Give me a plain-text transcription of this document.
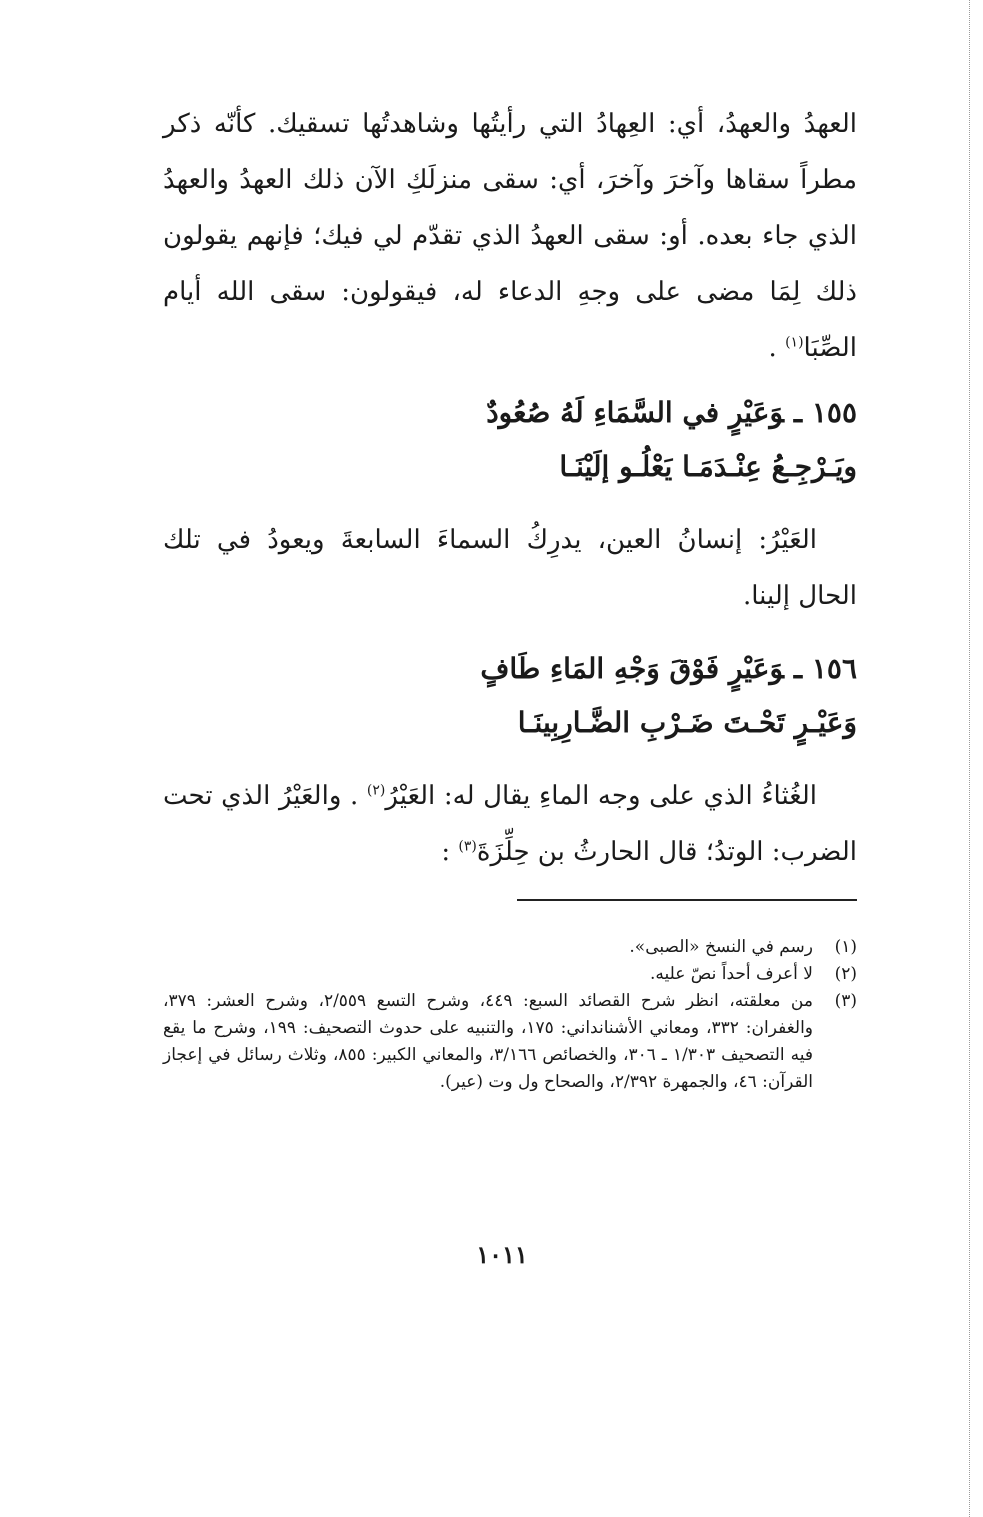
العهدُ والعهدُ، أي: العِهادُ التي رأيتُها وشاهدتُها تسقيك. كأنّه ذكر مطراً سقاها وآخرَ وآخرَ، أي: سقى منزلَكِ الآن ذلك العهدُ والعهدُ الذي جاء بعده. أو: سقى العهدُ الذي تقدّم لي فيك؛ فإنهم يقولون ذلك لِمَا مضى على وجهِ الدعاء له، فيقولون: سقى الله أيام الصِّبَا$^{(١)}$ .

١٥٥ ـوَعَيْرٍ في السَّمَاءِ لَهُ صُعُودٌ
ويَـرْجِـعُ عِنْـدَمَـا يَعْلُـو إلَيْنَـا

العَيْرُ: إنسانُ العين، يدرِكُ السماءَ السابعةَ ويعودُ في تلك الحال إلينا.

١٥٦ ـوَعَيْرٍ فَوْقَ وَجْهِ المَاءِ طَافٍ
وَعَيْـرٍ تَحْـتَ ضَـرْبِ الضَّـارِبِينَـا

الغُثاءُ الذي على وجه الماءِ يقال له: العَيْرُ$^{(٢)}$ . والعَيْرُ الذي تحت الضرب: الوتدُ؛ قال الحارثُ بن حِلِّزَةَ$^{(٣)}$ :

(١)
رسم في النسخ «الصبى».
(٢)
لا أعرف أحداً نصّ عليه.
(٣)
من معلقته، انظر شرح القصائد السبع: ٤٤٩، وشرح التسع ٢/٥٥٩، وشرح العشر: ٣٧٩، والغفران: ٣٣٢، ومعاني الأشنانداني: ١٧٥، والتنبيه على حدوث التصحيف: ١٩٩، وشرح ما يقع فيه التصحيف ١/٣٠٣ ـ ٣٠٦، والخصائص ٣/١٦٦، والمعاني الكبير: ٨٥٥، وثلاث رسائل في إعجاز القرآن: ٤٦، والجمهرة ٢/٣٩٢، والصحاح ول وت (عير).
١٠١١
